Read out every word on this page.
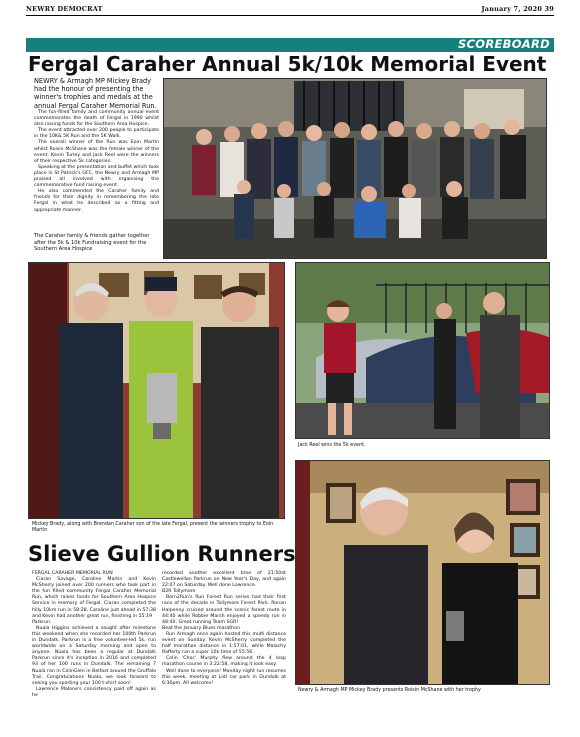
NEWRY DEMOCRAT	January 7, 2020 39
SCOREBOARD
Fergal Caraher Annual 5k/10k Memorial Event
NEWRY & Armagh MP Mickey Brady had the honour of presenting the winner's trophies and medals at the annual Fergal Caraher Memorial Run.

The fun-filled family and community annual event commemorates the death of Fergal in 1990 whilst also raising funds for the Southern Area Hospice.

The event attracted over 200 people to participate in the 10K& 5K Run and the 5K Walk.

The overall winner of the Run was Eoin Martin whilst Roisin McShane was the female winner of the event. Kevin Turley and Jack Reel were the winners of their respective 5k categories.

Speaking at the presentation and buffet which took place in St Patrick's GFC, the Newry and Armagh MP praised all involved with organising the commemorative fund raising event.

He also commended the Caraher family and friends for their dignity in remembering the late Fergal in what he described as a fitting and appropriate manner.

The Caraher family & friends gather together after the 5k & 10k Fundraising event for the Southern Area Hospice
Mickey Brady, along with Brendan Caraher son of the late Fergal, present the winners trophy to Eoin Martin
Jack Reel wins the 5k event.
Newry & Armagh MP Mickey Brady presents Roisin McShane with her trophy
Slieve Gullion Runners

FERGAL CARAHER MEMORIAL RUN

Ciaran Savage, Caroline Martin and Kevin McSherry joined over 200 runners who took part in the fun filled community Fergal Caraher Memorial Run, which raises funds for Southern Area Hospice Service in memory of Fergal. Ciaran completed the hilly 10km run in 58:28, Caroline just ahead in 57:38 and Kevin had another great run, finishing in 55:19

Parkrun

Nuala Higgins achieved a sought after milestone this weekend when she recorded her 100th Parkrun in Dundalk. Parkrun is a free volunteer-led 5k, run worldwide on a Saturday morning and open to anyone. Nuala has been a regular at Dundalk Parkrun since it's inception in 2016 and completed 93 of her 100 runs in Dundalk. The remaining 7 Nuala ran in ColinGlen in Belfast around the Gruffalo Trail. Congratulations Nuala, we look forward to seeing you sporting your 100 t-shirt soon!

Lawrence Malone's consistency paid off again as he

recorded another excellent time of 21:50at Castlewellan Parkrun on New Year's Day, and again 22:07 on Saturday. Well done Lawrence.

B2R Tollymore

Born2Run's Run Forest Run series had their first race of the decade in Tollymore Forest Park. Ronan Halpenny cruised around the scenic forest route in 44:40 while Robbie Marsh enjoyed a speedy run in 48:40. Great running Team SGR!

Beat the January Blues marathon

Run Armagh once again hosted this multi distance event on Sunday. Kevin McSherry completed the half marathon distance in 1:57:01, while Malachy Rafferty ran a super 10k time of 55:56.

Colin 'Choc' Murphy flew around the 4 loop marathon course in 3:22:58, making it look easy.

Well done to everyone! Monday night run resumes this week, meeting at Lidl car park in Dundalk at 6:30pm. All welcome!
